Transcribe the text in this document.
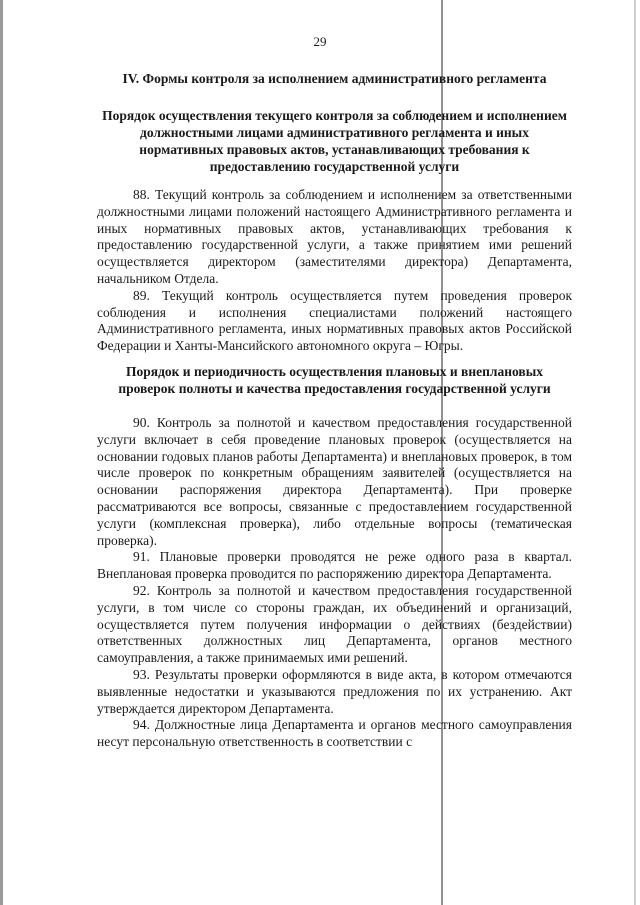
29
IV. Формы контроля за исполнением административного регламента
Порядок осуществления текущего контроля за соблюдением и исполнением должностными лицами административного регламента и иных нормативных правовых актов, устанавливающих требования к предоставлению государственной услуги

88. Текущий контроль за соблюдением и исполнением за ответственными должностными лицами положений настоящего Административного регламента и иных нормативных правовых актов, устанавливающих требования к предоставлению государственной услуги, а также принятием ими решений осуществляется директором (заместителями директора) Департамента, начальником Отдела.

89. Текущий контроль осуществляется путем проведения проверок соблюдения и исполнения специалистами положений настоящего Административного регламента, иных нормативных правовых актов Российской Федерации и Ханты-Мансийского автономного округа – Югры.

Порядок и периодичность осуществления плановых и внеплановых проверок полноты и качества предоставления государственной услуги

90. Контроль за полнотой и качеством предоставления государственной услуги включает в себя проведение плановых проверок (осуществляется на основании годовых планов работы Департамента) и внеплановых проверок, в том числе проверок по конкретным обращениям заявителей (осуществляется на основании распоряжения директора Департамента). При проверке рассматриваются все вопросы, связанные с предоставлением государственной услуги (комплексная проверка), либо отдельные вопросы (тематическая проверка).

91. Плановые проверки проводятся не реже одного раза в квартал. Внеплановая проверка проводится по распоряжению директора Департамента.

92. Контроль за полнотой и качеством предоставления государственной услуги, в том числе со стороны граждан, их объединений и организаций, осуществляется путем получения информации о действиях (бездействии) ответственных должностных лиц Департамента, органов местного самоуправления, а также принимаемых ими решений.

93. Результаты проверки оформляются в виде акта, в котором отмечаются выявленные недостатки и указываются предложения по их устранению. Акт утверждается директором Департамента.

94. Должностные лица Департамента и органов местного самоуправления несут персональную ответственность в соответствии с
